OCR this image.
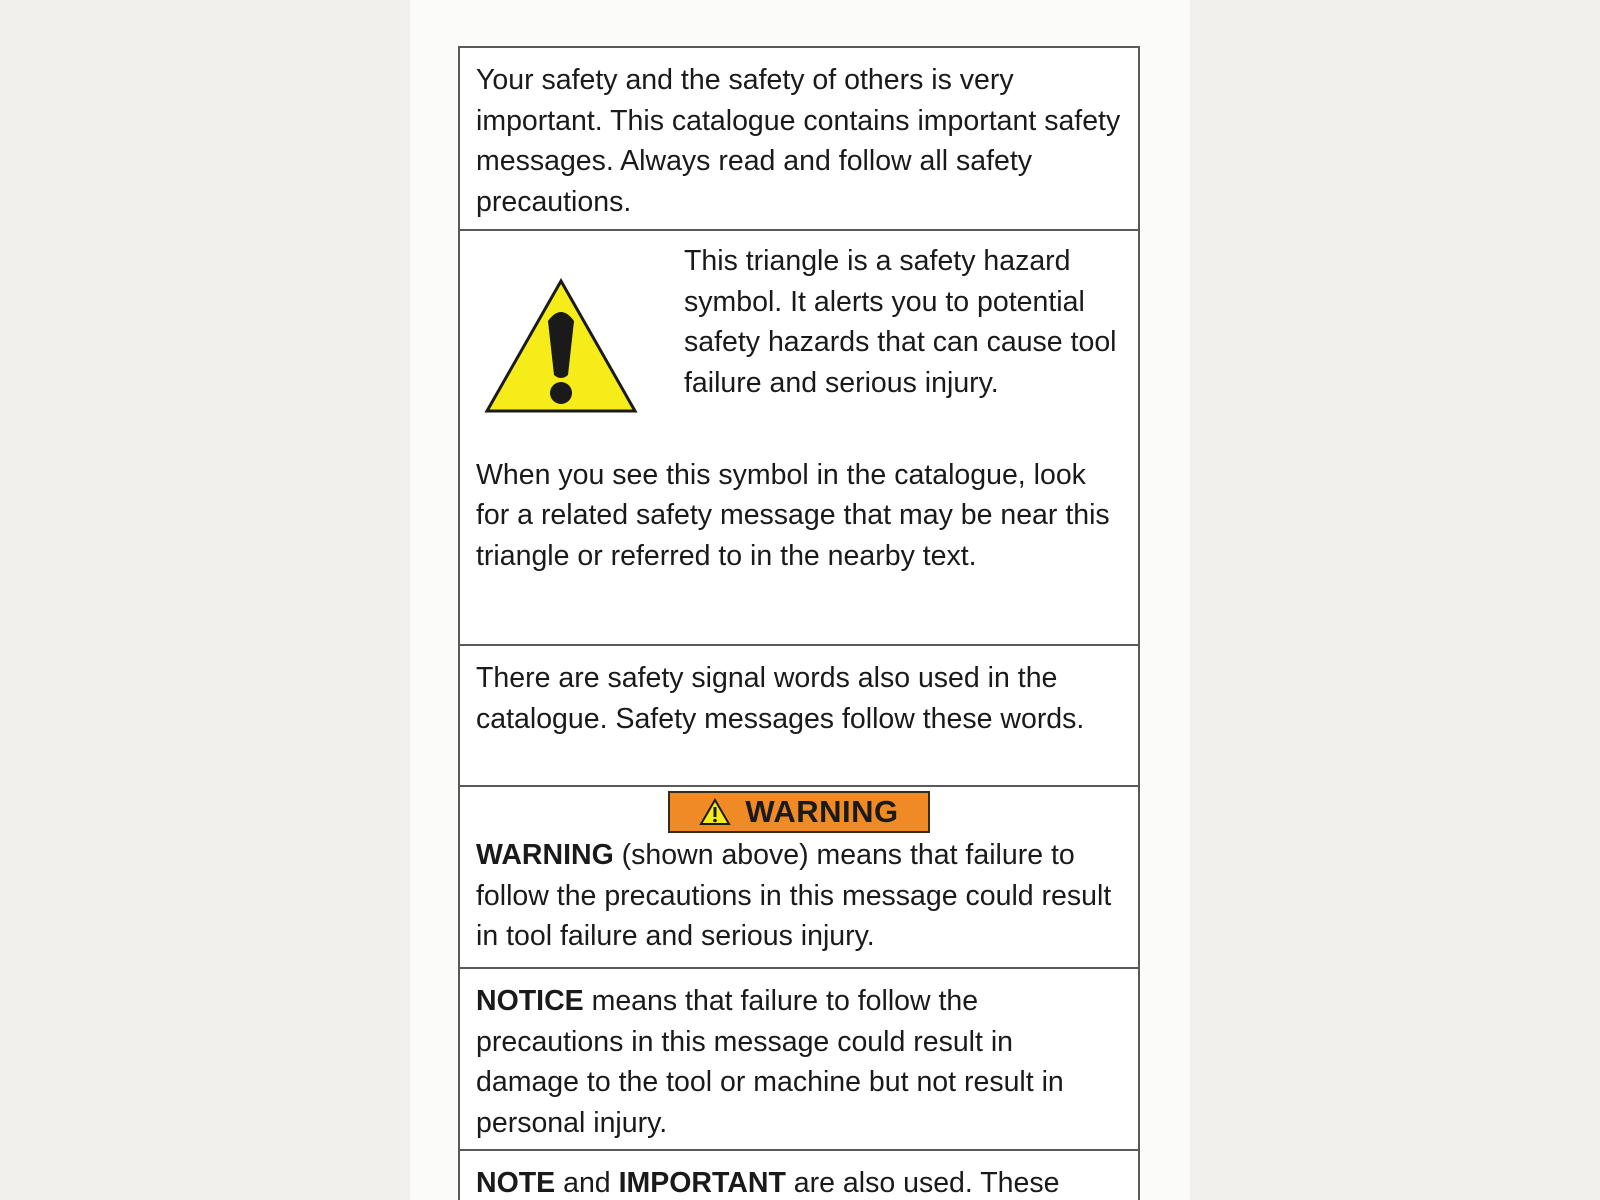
Your safety and the safety of others is very important. This catalogue contains important safety messages. Always read and follow all safety precautions.

This triangle is a safety hazard symbol. It alerts you to potential safety hazards that can cause tool failure and serious injury.

When you see this symbol in the catalogue, look for a related safety message that may be near this triangle or referred to in the nearby text.

There are safety signal words also used in the catalogue. Safety messages follow these words.

WARNING

WARNING (shown above) means that failure to follow the precautions in this message could result in tool failure and serious injury.

NOTICE means that failure to follow the precautions in this message could result in damage to the tool or machine but not result in personal injury.

NOTE and IMPORTANT are also used. These
